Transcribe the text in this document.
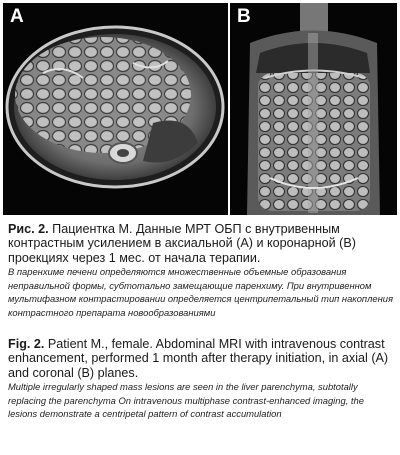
A	B

Рис. 2. Пациентка М. Данные МРТ ОБП с внутривенным контрастным усилением в аксиальной (А) и коронарной (В) проекциях через 1 мес. от начала терапии.

В паренхиме печени определяются множественные объемные образования неправильной формы, субтотально замещающие паренхиму. При внутривенном мультифазном контрастировании определяется центрипетальный тип накопления контрастного препарата новообразованиями

Fig. 2. Patient M., female. Abdominal MRI with intravenous contrast enhancement, performed 1 month after therapy initiation, in axial (A) and coronal (B) planes.

Multiple irregularly shaped mass lesions are seen in the liver parenchyma, subtotally replacing the parenchyma On intravenous multiphase contrast-enhanced imaging, the lesions demonstrate a centripetal pattern of contrast accumulation
